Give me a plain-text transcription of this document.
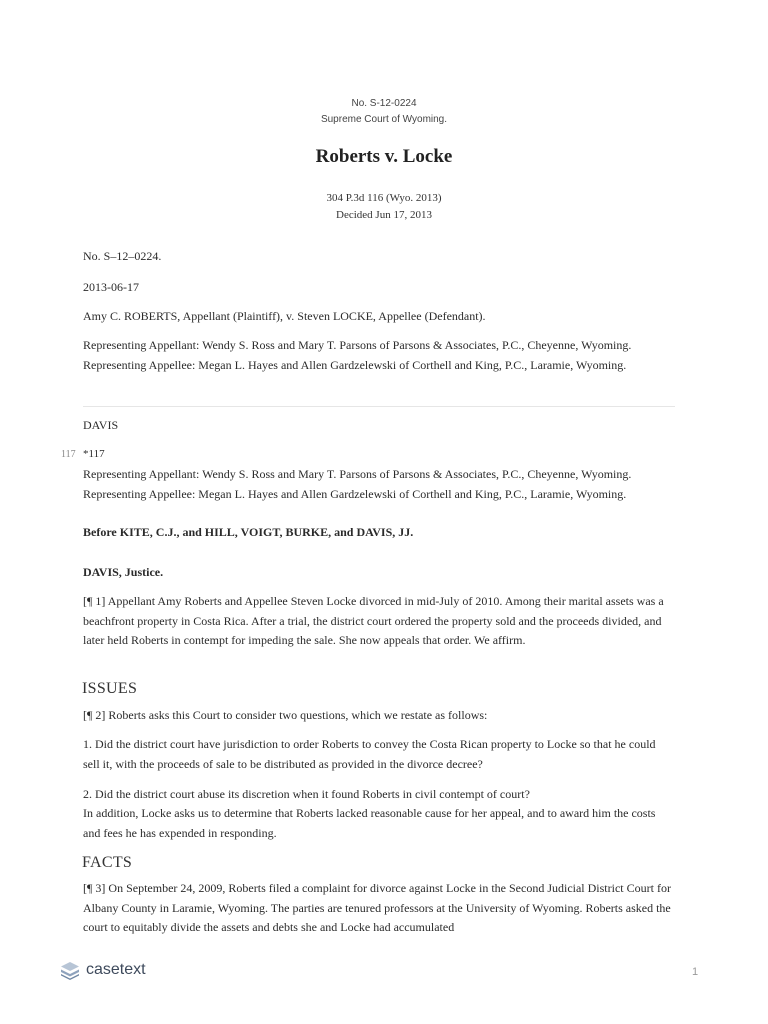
No. S-12-0224
Supreme Court of Wyoming.
Roberts v. Locke
304 P.3d 116 (Wyo. 2013)
Decided Jun 17, 2013

No. S–12–0224.

2013-06-17

Amy C. ROBERTS, Appellant (Plaintiff), v. Steven LOCKE, Appellee (Defendant).

Representing Appellant: Wendy S. Ross and Mary T. Parsons of Parsons & Associates, P.C., Cheyenne, Wyoming. Representing Appellee: Megan L. Hayes and Allen Gardzelewski of Corthell and King, P.C., Laramie, Wyoming.

DAVIS

117 *117

Representing Appellant: Wendy S. Ross and Mary T. Parsons of Parsons & Associates, P.C., Cheyenne, Wyoming. Representing Appellee: Megan L. Hayes and Allen Gardzelewski of Corthell and King, P.C., Laramie, Wyoming.

Before KITE, C.J., and HILL, VOIGT, BURKE, and DAVIS, JJ.

DAVIS, Justice.

[¶ 1] Appellant Amy Roberts and Appellee Steven Locke divorced in mid-July of 2010. Among their marital assets was a beachfront property in Costa Rica. After a trial, the district court ordered the property sold and the proceeds divided, and later held Roberts in contempt for impeding the sale. She now appeals that order. We affirm.

ISSUES

[¶ 2] Roberts asks this Court to consider two questions, which we restate as follows:

1. Did the district court have jurisdiction to order Roberts to convey the Costa Rican property to Locke so that he could sell it, with the proceeds of sale to be distributed as provided in the divorce decree?

2. Did the district court abuse its discretion when it found Roberts in civil contempt of court?

In addition, Locke asks us to determine that Roberts lacked reasonable cause for her appeal, and to award him the costs and fees he has expended in responding.

FACTS

[¶ 3] On September 24, 2009, Roberts filed a complaint for divorce against Locke in the Second Judicial District Court for Albany County in Laramie, Wyoming. The parties are tenured professors at the University of Wyoming. Roberts asked the court to equitably divide the assets and debts she and Locke had accumulated

casetext	1
